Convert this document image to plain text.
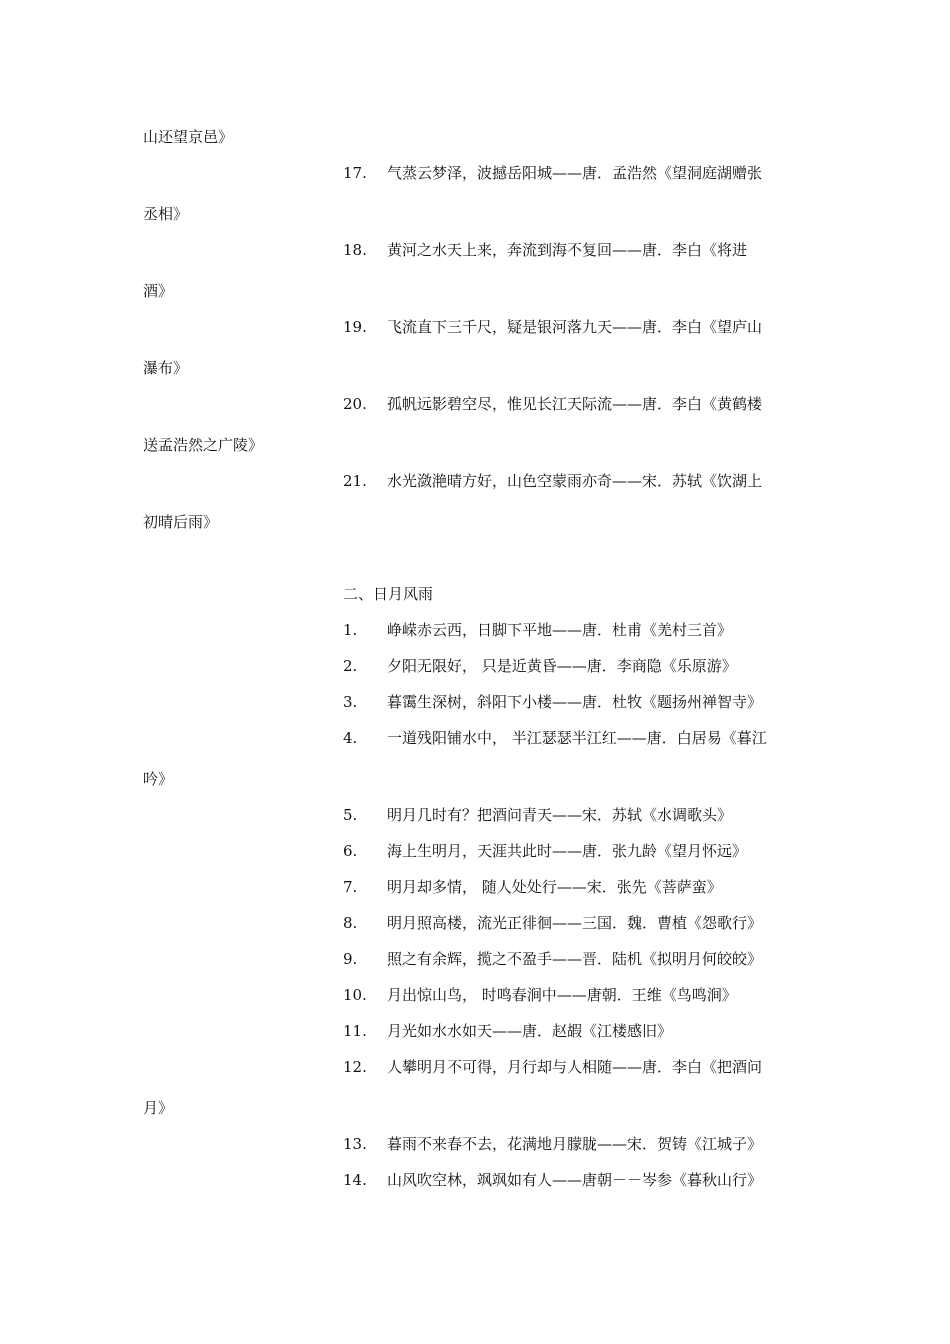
山还望京邑》
17. 气蒸云梦泽，波撼岳阳城——唐．孟浩然《望洞庭湖赠张
丞相》
18. 黄河之水天上来，奔流到海不复回——唐．李白《将进
酒》
19. 飞流直下三千尺，疑是银河落九天——唐．李白《望庐山
瀑布》
20. 孤帆远影碧空尽，惟见长江天际流——唐．李白《黄鹤楼
送孟浩然之广陵》
21. 水光潋滟晴方好，山色空蒙雨亦奇——宋．苏轼《饮湖上
初晴后雨》
二、日月风雨
1. 峥嵘赤云西，日脚下平地——唐．杜甫《羌村三首》
2. 夕阳无限好， 只是近黄昏——唐．李商隐《乐原游》
3. 暮霭生深树，斜阳下小楼——唐．杜牧《题扬州禅智寺》
4. 一道残阳铺水中， 半江瑟瑟半江红——唐．白居易《暮江
吟》
5. 明月几时有？把酒问青天——宋．苏轼《水调歌头》
6. 海上生明月，天涯共此时——唐．张九龄《望月怀远》
7. 明月却多情， 随人处处行——宋．张先《菩萨蛮》
8. 明月照高楼，流光正徘徊——三国．魏．曹植《怨歌行》
9. 照之有余辉，揽之不盈手——晋．陆机《拟明月何皎皎》
10. 月出惊山鸟， 时鸣春涧中——唐朝．王维《鸟鸣涧》
11. 月光如水水如天——唐．赵嘏《江楼感旧》
12. 人攀明月不可得，月行却与人相随——唐．李白《把酒问
月》
13. 暮雨不来春不去，花满地月朦胧——宋．贺铸《江城子》
14. 山风吹空林，飒飒如有人——唐朝－－岑参《暮秋山行》
